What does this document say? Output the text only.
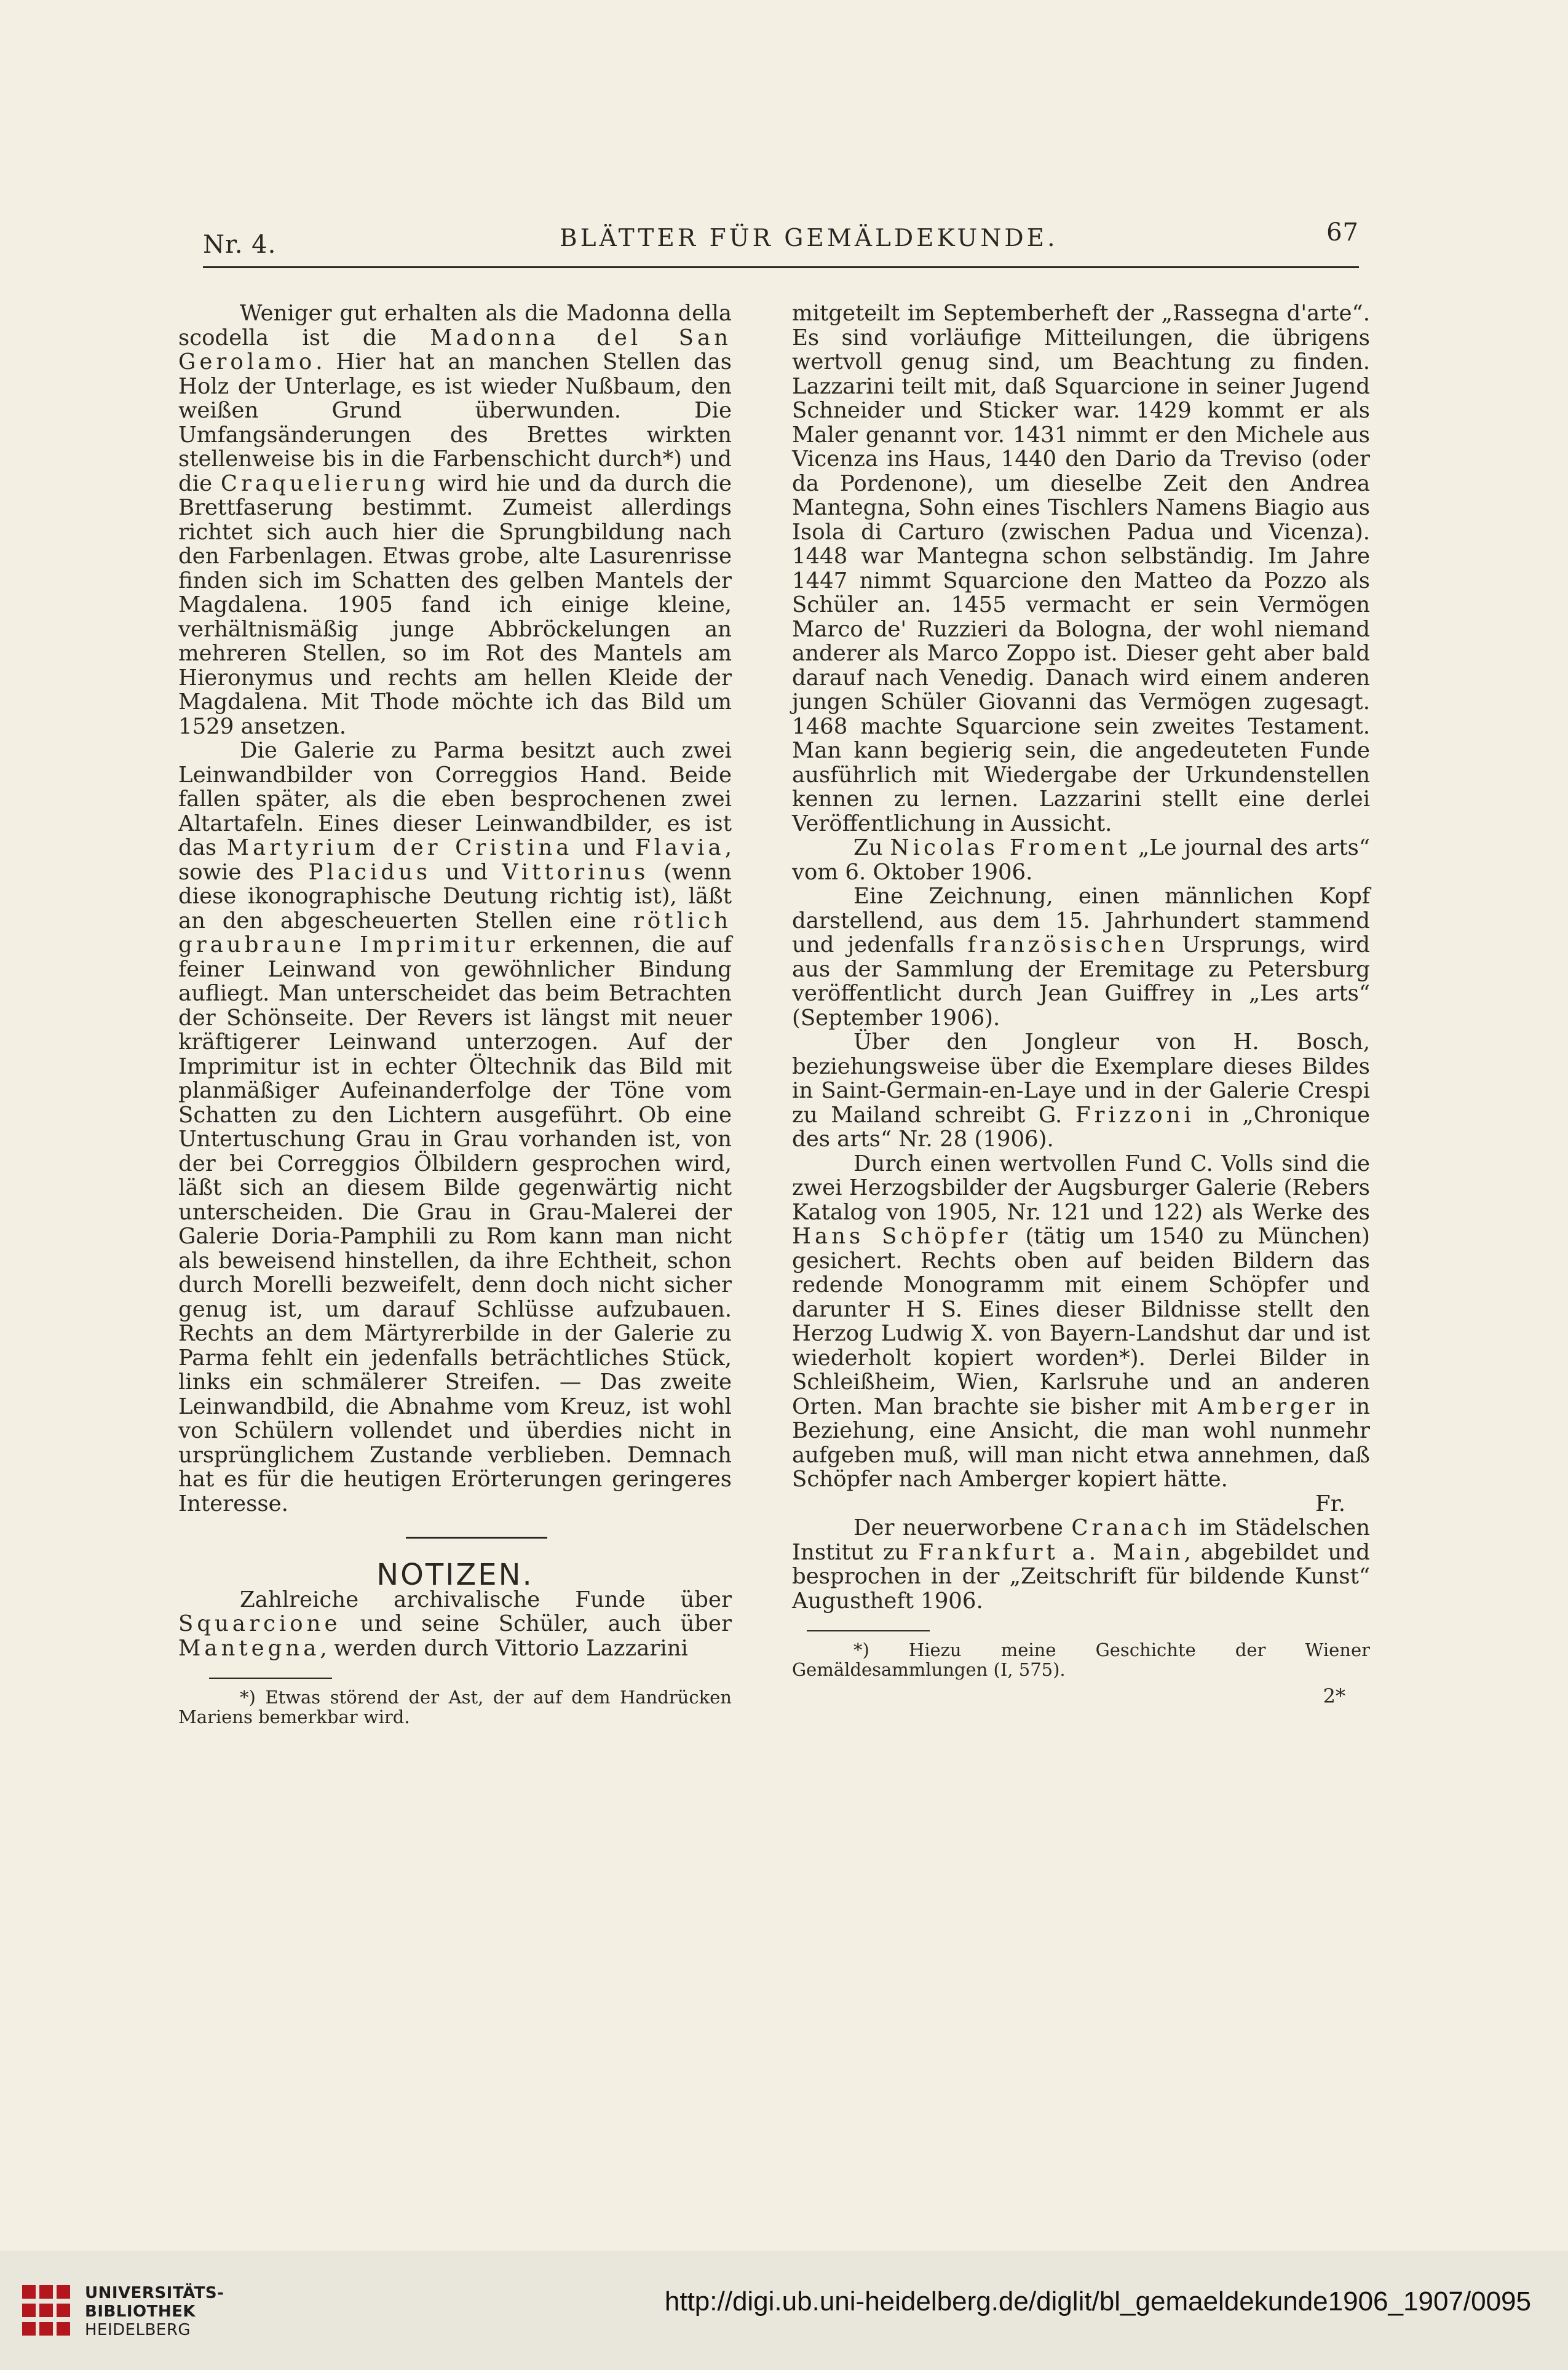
Nr. 4.	BLÄTTER FÜR GEMÄLDEKUNDE.	67

Weniger gut erhalten als die Madonna della scodella ist die Madonna del San Gerolamo. Hier hat an manchen Stellen das Holz der Unterlage, es ist wieder Nußbaum, den weißen Grund überwunden. Die Umfangsänderungen des Brettes wirkten stellenweise bis in die Farbenschicht durch*) und die Craquelierung wird hie und da durch die Brettfaserung bestimmt. Zumeist allerdings richtet sich auch hier die Sprungbildung nach den Farbenlagen. Etwas grobe, alte Lasurenrisse finden sich im Schatten des gelben Mantels der Magdalena. 1905 fand ich einige kleine, verhältnismäßig junge Abbröckelungen an mehreren Stellen, so im Rot des Mantels am Hieronymus und rechts am hellen Kleide der Magdalena. Mit Thode möchte ich das Bild um 1529 ansetzen.

Die Galerie zu Parma besitzt auch zwei Leinwandbilder von Correggios Hand. Beide fallen später, als die eben besprochenen zwei Altartafeln. Eines dieser Leinwandbilder, es ist das Martyrium der Cristina und Flavia, sowie des Placidus und Vittorinus (wenn diese ikonographische Deutung richtig ist), läßt an den abgescheuerten Stellen eine rötlich graubraune Imprimitur erkennen, die auf feiner Leinwand von gewöhnlicher Bindung aufliegt. Man unterscheidet das beim Betrachten der Schönseite. Der Revers ist längst mit neuer kräftigerer Leinwand unterzogen. Auf der Imprimitur ist in echter Öltechnik das Bild mit planmäßiger Aufeinanderfolge der Töne vom Schatten zu den Lichtern ausgeführt. Ob eine Untertuschung Grau in Grau vorhanden ist, von der bei Correggios Ölbildern gesprochen wird, läßt sich an diesem Bilde gegenwärtig nicht unterscheiden. Die Grau in Grau-Malerei der Galerie Doria-Pamphili zu Rom kann man nicht als beweisend hinstellen, da ihre Echtheit, schon durch Morelli bezweifelt, denn doch nicht sicher genug ist, um darauf Schlüsse aufzubauen. Rechts an dem Märtyrerbilde in der Galerie zu Parma fehlt ein jedenfalls beträchtliches Stück, links ein schmälerer Streifen. — Das zweite Leinwandbild, die Abnahme vom Kreuz, ist wohl von Schülern vollendet und überdies nicht in ursprünglichem Zustande verblieben. Demnach hat es für die heutigen Erörterungen geringeres Interesse.

NOTIZEN.

Zahlreiche archivalische Funde über Squarcione und seine Schüler, auch über Mantegna, werden durch Vittorio Lazzarini

*) Etwas störend der Ast, der auf dem Handrücken Mariens bemerkbar wird.

mitgeteilt im Septemberheft der „Rassegna d'arte“. Es sind vorläufige Mitteilungen, die übrigens wertvoll genug sind, um Beachtung zu finden. Lazzarini teilt mit, daß Squarcione in seiner Jugend Schneider und Sticker war. 1429 kommt er als Maler genannt vor. 1431 nimmt er den Michele aus Vicenza ins Haus, 1440 den Dario da Treviso (oder da Pordenone), um dieselbe Zeit den Andrea Mantegna, Sohn eines Tischlers Namens Biagio aus Isola di Carturo (zwischen Padua und Vicenza). 1448 war Mantegna schon selbständig. Im Jahre 1447 nimmt Squarcione den Matteo da Pozzo als Schüler an. 1455 vermacht er sein Vermögen Marco de' Ruzzieri da Bologna, der wohl niemand anderer als Marco Zoppo ist. Dieser geht aber bald darauf nach Venedig. Danach wird einem anderen jungen Schüler Giovanni das Vermögen zugesagt. 1468 machte Squarcione sein zweites Testament. Man kann begierig sein, die angedeuteten Funde ausführlich mit Wiedergabe der Urkundenstellen kennen zu lernen. Lazzarini stellt eine derlei Veröffentlichung in Aussicht.

Zu Nicolas Froment „Le journal des arts“ vom 6. Oktober 1906.

Eine Zeichnung, einen männlichen Kopf darstellend, aus dem 15. Jahrhundert stammend und jedenfalls französischen Ursprungs, wird aus der Sammlung der Eremitage zu Petersburg veröffentlicht durch Jean Guiffrey in „Les arts“ (September 1906).

Über den Jongleur von H. Bosch, beziehungsweise über die Exemplare dieses Bildes in Saint-Germain-en-Laye und in der Galerie Crespi zu Mailand schreibt G. Frizzoni in „Chronique des arts“ Nr. 28 (1906).

Durch einen wertvollen Fund C. Volls sind die zwei Herzogsbilder der Augsburger Galerie (Rebers Katalog von 1905, Nr. 121 und 122) als Werke des Hans Schöpfer (tätig um 1540 zu München) gesichert. Rechts oben auf beiden Bildern das redende Monogramm mit einem Schöpfer und darunter H S. Eines dieser Bildnisse stellt den Herzog Ludwig X. von Bayern-Landshut dar und ist wiederholt kopiert worden*). Derlei Bilder in Schleißheim, Wien, Karlsruhe und an anderen Orten. Man brachte sie bisher mit Amberger in Beziehung, eine Ansicht, die man wohl nunmehr aufgeben muß, will man nicht etwa annehmen, daß Schöpfer nach Amberger kopiert hätte.

Fr.

Der neuerworbene Cranach im Städelschen Institut zu Frankfurt a. Main, abgebildet und besprochen in der „Zeitschrift für bildende Kunst“ Augustheft 1906.

*) Hiezu meine Geschichte der Wiener Gemäldesammlungen (I, 575).

2*

UNIVERSITÄTS-
BIBLIOTHEK
HEIDELBERG
http://digi.ub.uni-heidelberg.de/diglit/bl_gemaeldekunde1906_1907/0095
